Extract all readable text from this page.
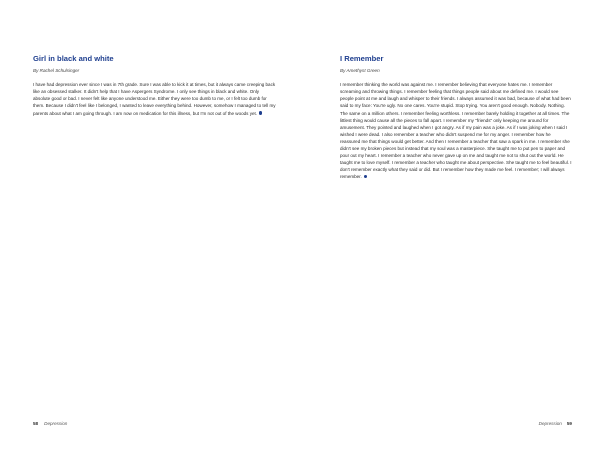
Girl in black and white
By Rachel Schulsinger

I have had depression ever since I was in 7th grade. Sure I was able to kick it at times, but it always came creeping back like an obsessed stalker. It didn't help that I have Aspergers Syndrome. I only see things in black and white. Only absolute good or bad. I never felt like anyone understood me. Either they were too dumb to me, or I felt too dumb for them. Because I didn't feel like I belonged, I wanted to leave everything behind. However, somehow I managed to tell my parents about what I am going through. I am now on medication for this illness, but I'm not out of the woods yet.

58 Depression
I Remember
By Amethyst Green

I remember thinking the world was against me. I remember believing that everyone hates me. I remember screaming and throwing things. I remember feeling that things people said about me defined me. I would see people point at me and laugh and whisper to their friends. I always assumed it was bad, because of what had been said to my face: You're ugly. No one cares. You're stupid. Stop trying. You aren't good enough. Nobody. Nothing. The same on a million others. I remember feeling worthless. I remember barely holding it together at all times. The littlest thing would cause all the pieces to fall apart. I remember my "friends" only keeping me around for amusement. They pointed and laughed when I got angry. As if my pain was a joke. As if I was joking when I said I wished I were dead. I also remember a teacher who didn't suspend me for my anger. I remember how he reassured me that things would get better. And then I remember a teacher that saw a spark in me. I remember she didn't see my broken pieces but instead that my soul was a masterpiece. She taught me to put pen to paper and pour out my heart. I remember a teacher who never gave up on me and taught me not to shut out the world. He taught me to love myself. I remember a teacher who taught me about perspective. She taught me to feel beautiful. I don't remember exactly what they said or did. But I remember how they made me feel. I remember; I will always remember.

Depression 59
